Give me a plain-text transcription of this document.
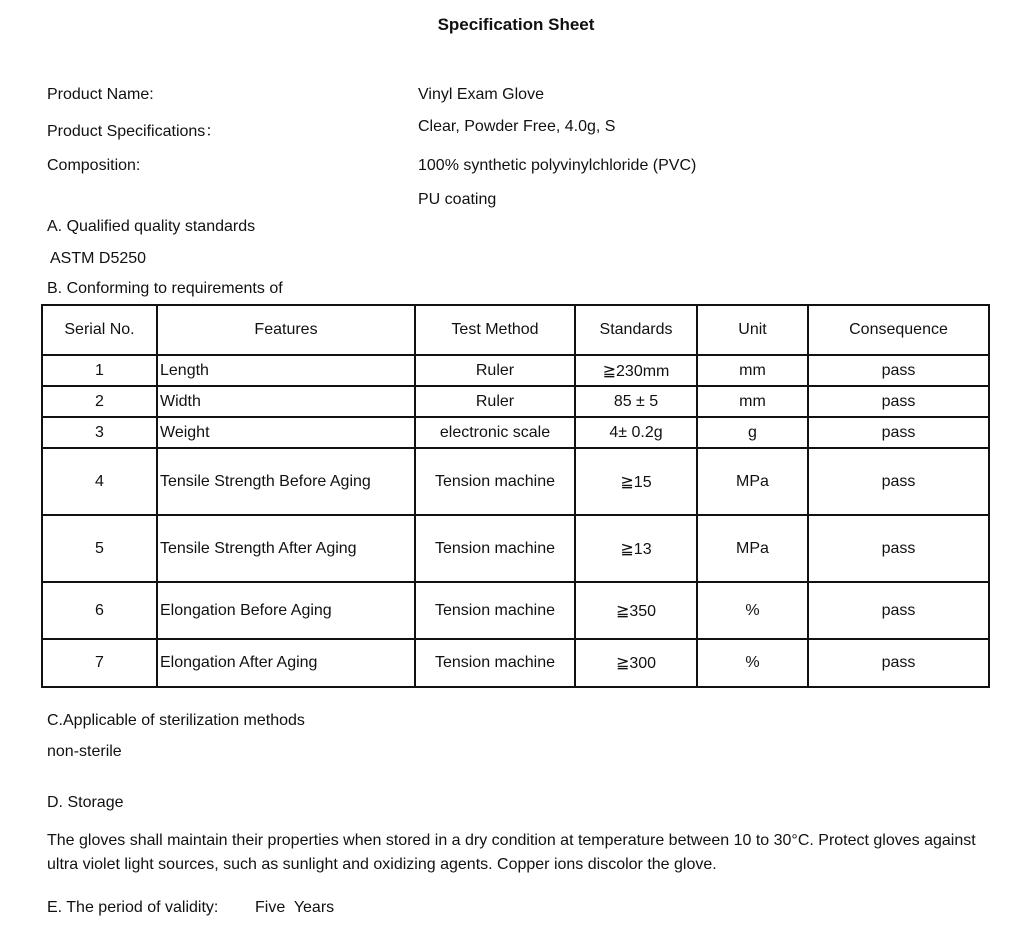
Specification Sheet
Product Name:	Vinyl Exam Glove
Product Specifications：	Clear, Powder Free, 4.0g, S
Composition:	100% synthetic polyvinylchloride (PVC)
PU coating
A. Qualified quality standards
ASTM D5250
B. Conforming to requirements of
Serial No.	Features	Test Method	Standards	Unit	Consequence
1	Length	Ruler	≧230mm	mm	pass
2	Width	Ruler	85 ± 5	mm	pass
3	Weight	electronic scale	4± 0.2g	g	pass
4	Tensile Strength Before Aging	Tension machine	≧15	MPa	pass
5	Tensile Strength After Aging	Tension machine	≧13	MPa	pass
6	Elongation Before Aging	Tension machine	≧350	%	pass
7	Elongation After Aging	Tension machine	≧300	%	pass
C.Applicable of sterilization methods
non-sterile
D. Storage
The gloves shall maintain their properties when stored in a dry condition at temperature between 10 to 30°C. Protect gloves against ultra violet light sources, such as sunlight and oxidizing agents. Copper ions discolor the glove.
E. The period of validity: Five  Years
